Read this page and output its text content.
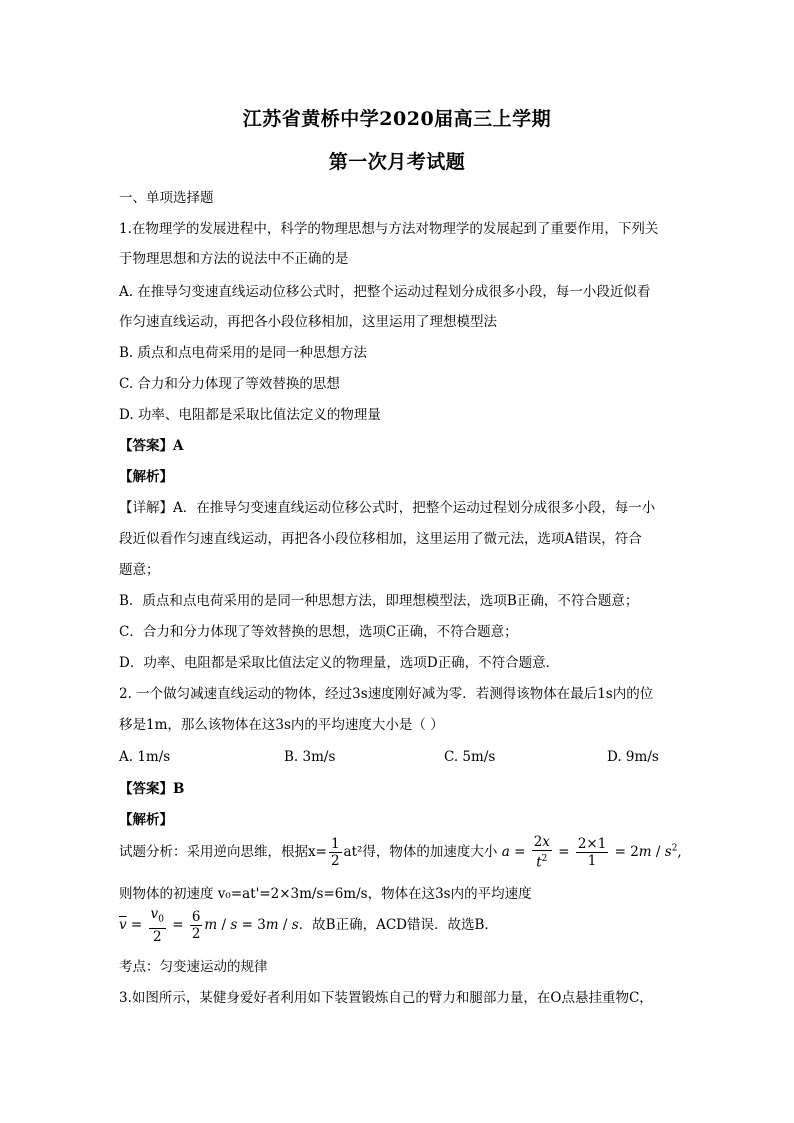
江苏省黄桥中学2020届高三上学期
第一次月考试题
一、单项选择题
1.在物理学的发展进程中，科学的物理思想与方法对物理学的发展起到了重要作用，下列关
于物理思想和方法的说法中不正确的是
A. 在推导匀变速直线运动位移公式时，把整个运动过程划分成很多小段，每一小段近似看
作匀速直线运动，再把各小段位移相加，这里运用了理想模型法
B. 质点和点电荷采用的是同一种思想方法
C. 合力和分力体现了等效替换的思想
D. 功率、电阻都是采取比值法定义的物理量
【答案】A
【解析】
【详解】A．在推导匀变速直线运动位移公式时，把整个运动过程划分成很多小段，每一小
段近似看作匀速直线运动，再把各小段位移相加，这里运用了微元法，选项A错误，符合
题意；
B．质点和点电荷采用的是同一种思想方法，即理想模型法，选项B正确，不符合题意；
C．合力和分力体现了等效替换的思想，选项C正确，不符合题意；
D．功率、电阻都是采取比值法定义的物理量，选项D正确，不符合题意．
2. 一个做匀减速直线运动的物体，经过3s速度刚好减为零．若测得该物体在最后1s内的位
移是1m，那么该物体在这3s内的平均速度大小是（ ）
A. 1m/s	B. 3m/s	C. 5m/s	D. 9m/s
【答案】B
【解析】
试题分析：采用逆向思维，根据$x= \frac{1}{2} at^2$得，物体的加速度大小 $a = \frac{2x}{t^2} = \frac{2\times 1}{1} = 2m / s^2$,
则物体的初速度 v₀=at'=2×3m/s=6m/s，物体在这3s内的平均速度
$\overline{v} = \frac{v_0}{2} = \frac{6}{2}$ m / s = 3m / s．故B正确，ACD错误．故选B．
考点：匀变速运动的规律
3.如图所示，某健身爱好者利用如下装置锻炼自己的臂力和腿部力量，在O点悬挂重物C，
